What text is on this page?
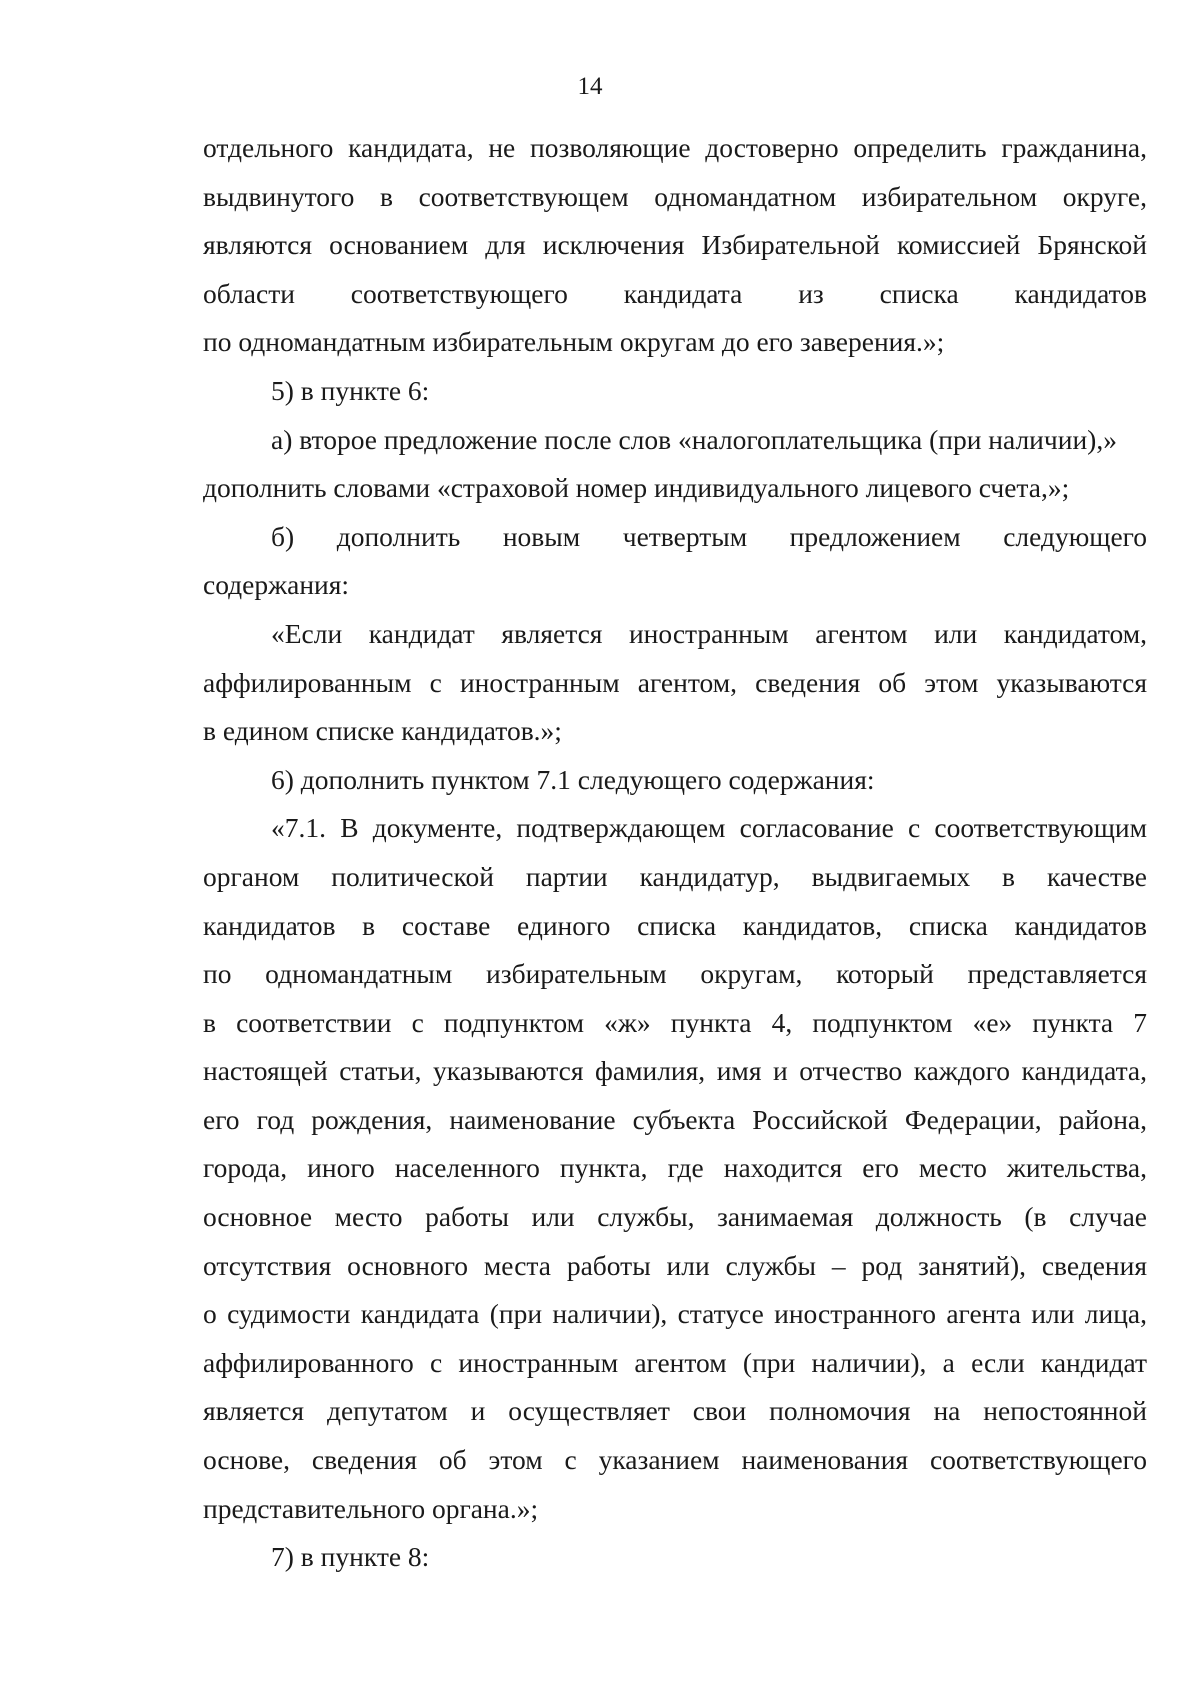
14
отдельного кандидата, не позволяющие достоверно определить гражданина,
выдвинутого в соответствующем одномандатном избирательном округе,
являются основанием для исключения Избирательной комиссией Брянской
области соответствующего кандидата из списка кандидатов
по одномандатным избирательным округам до его заверения.»;
5) в пункте 6:
а) второе предложение после слов «налогоплательщика (при наличии),»
дополнить словами «страховой номер индивидуального лицевого счета,»;
б) дополнить новым четвертым предложением следующего
содержания:
«Если кандидат является иностранным агентом или кандидатом,
аффилированным с иностранным агентом, сведения об этом указываются
в едином списке кандидатов.»;
6) дополнить пунктом 7.1 следующего содержания:
«7.1. В документе, подтверждающем согласование с соответствующим
органом политической партии кандидатур, выдвигаемых в качестве
кандидатов в составе единого списка кандидатов, списка кандидатов
по одномандатным избирательным округам, который представляется
в соответствии с подпунктом «ж» пункта 4, подпунктом «е» пункта 7
настоящей статьи, указываются фамилия, имя и отчество каждого кандидата,
его год рождения, наименование субъекта Российской Федерации, района,
города, иного населенного пункта, где находится его место жительства,
основное место работы или службы, занимаемая должность (в случае
отсутствия основного места работы или службы – род занятий), сведения
о судимости кандидата (при наличии), статусе иностранного агента или лица,
аффилированного с иностранным агентом (при наличии), а если кандидат
является депутатом и осуществляет свои полномочия на непостоянной
основе, сведения об этом с указанием наименования соответствующего
представительного органа.»;
7) в пункте 8:
